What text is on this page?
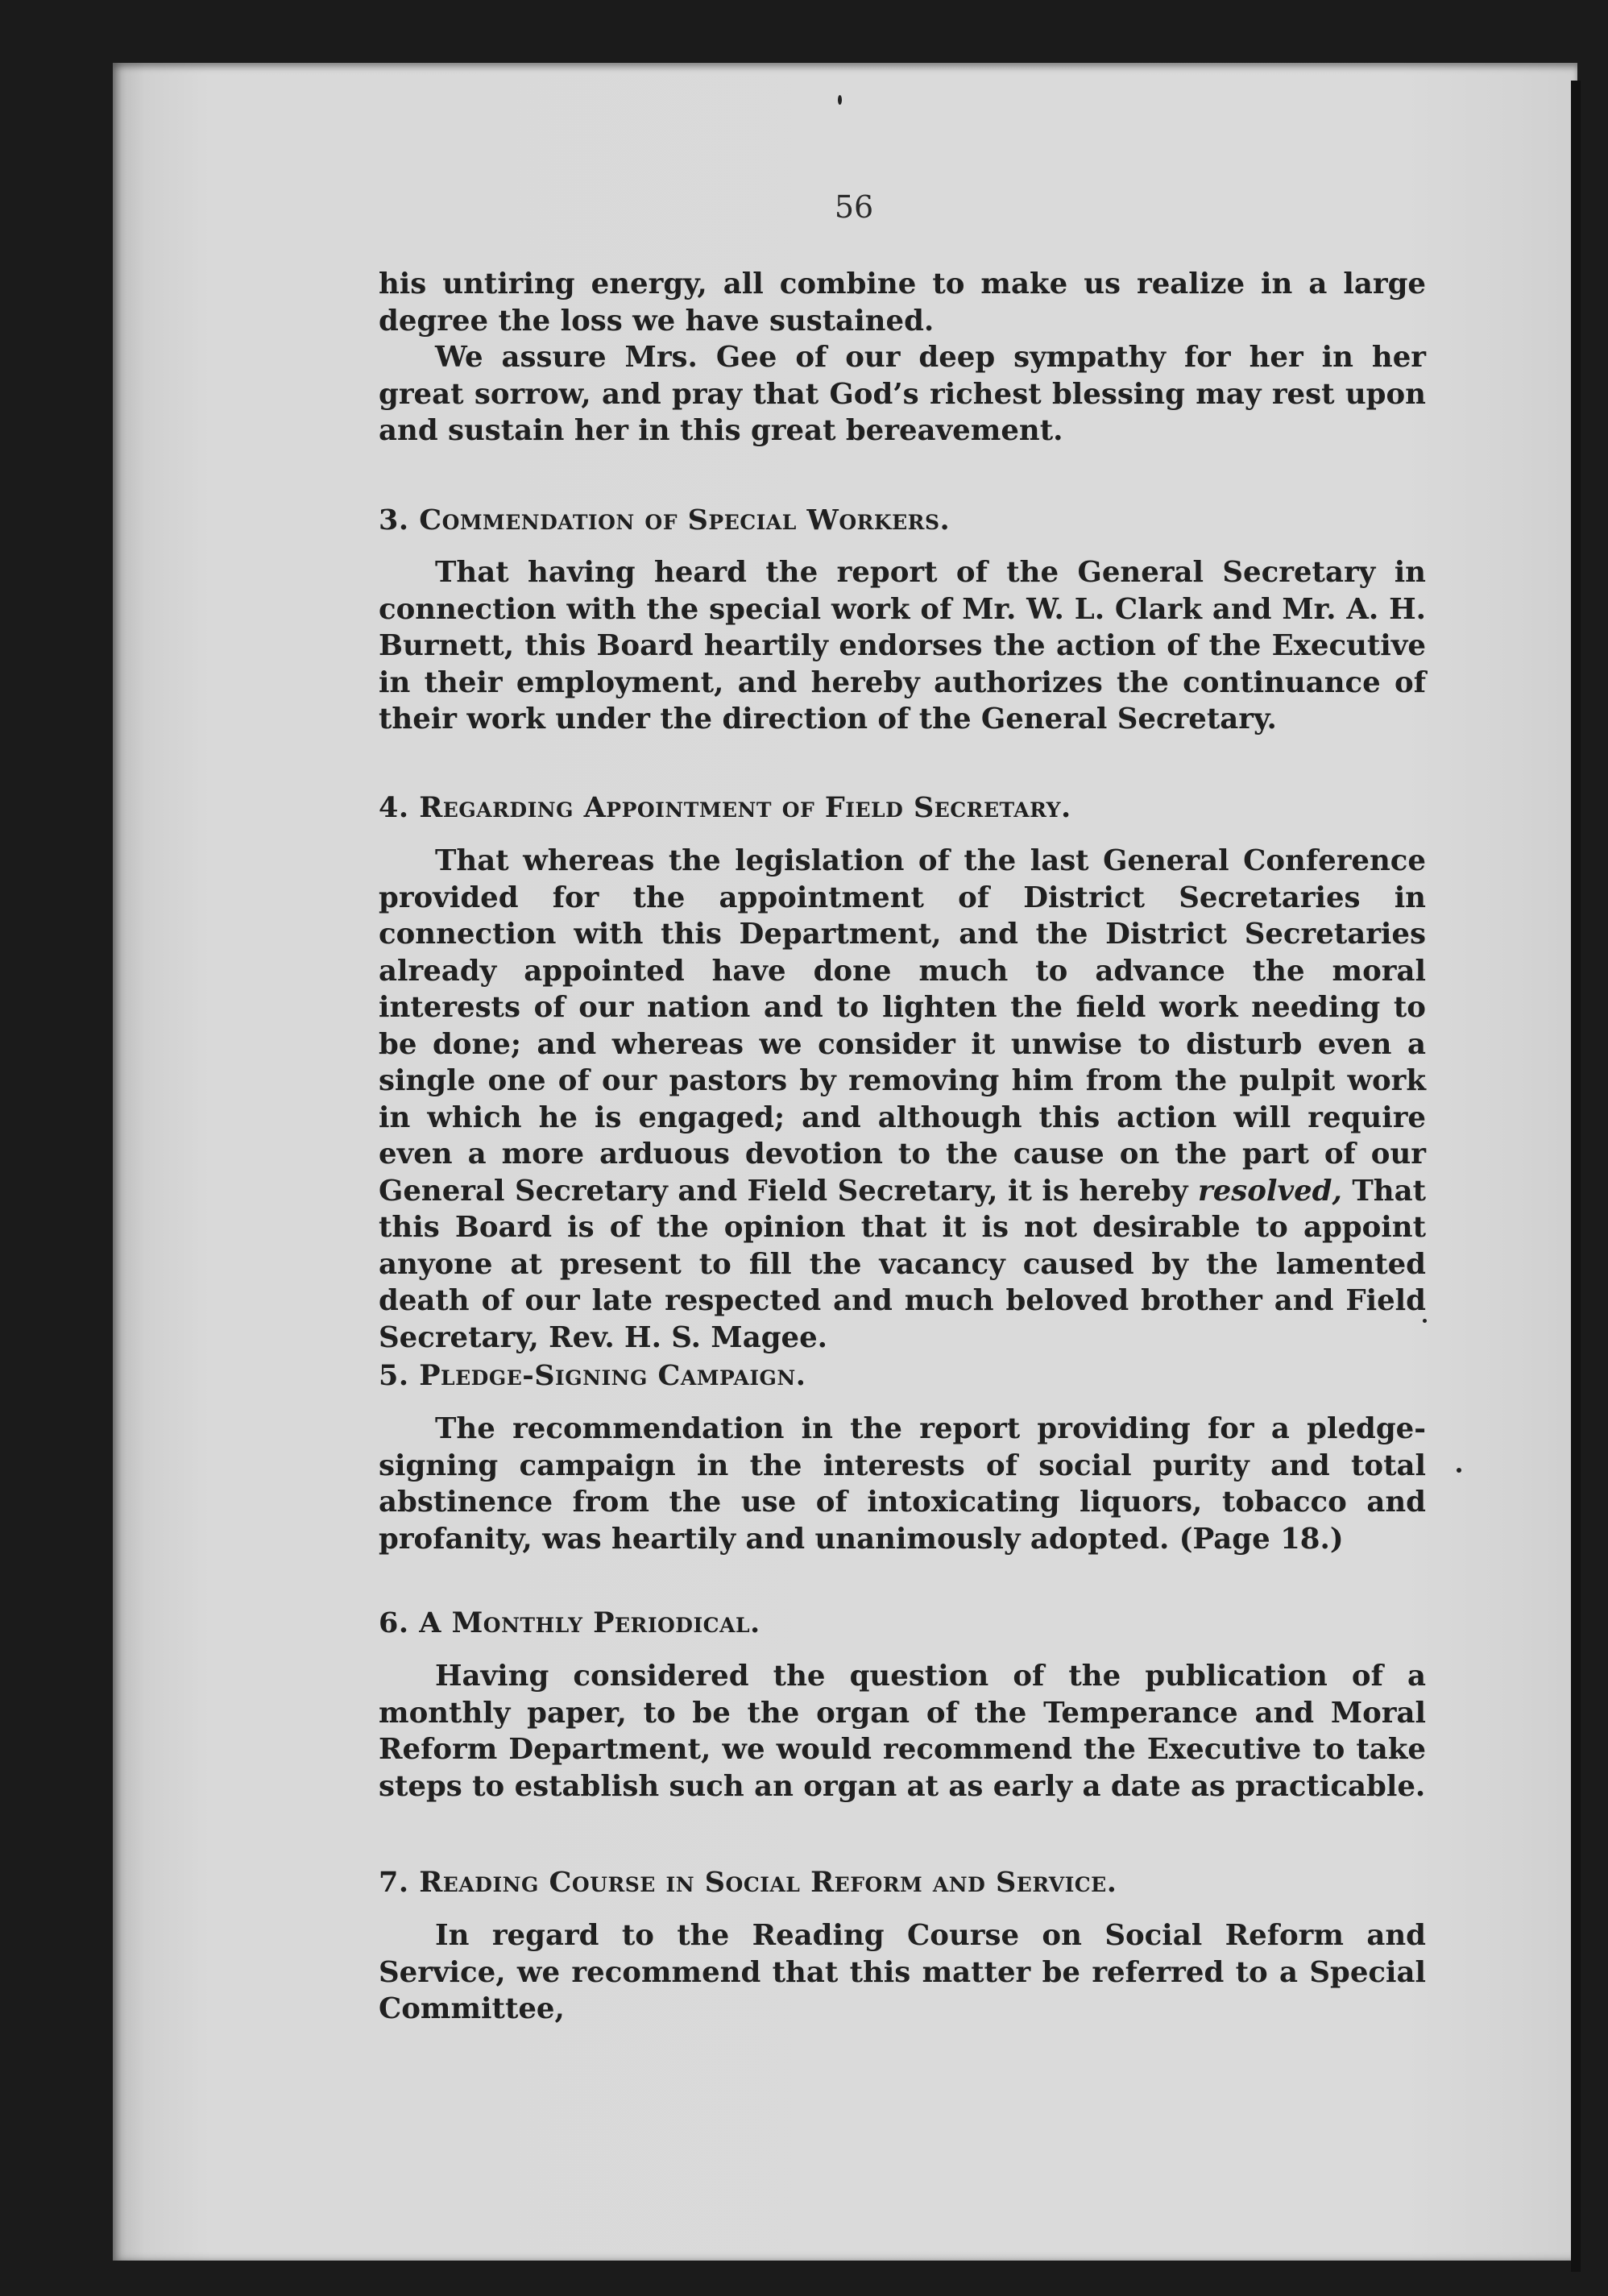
56

his untiring energy, all combine to make us realize in a large degree the loss we have sustained.

We assure Mrs. Gee of our deep sympathy for her in her great sorrow, and pray that God’s richest blessing may rest upon and sustain her in this great bereavement.

3. Commendation of Special Workers.

That having heard the report of the General Secretary in connection with the special work of Mr. W. L. Clark and Mr. A. H. Burnett, this Board heartily endorses the action of the Executive in their employment, and hereby authorizes the continuance of their work under the direction of the General Secretary.

4. Regarding Appointment of Field Secretary.

That whereas the legislation of the last General Conference provided for the appointment of District Secretaries in connection with this Department, and the District Secretaries already appointed have done much to advance the moral interests of our nation and to lighten the field work needing to be done; and whereas we consider it unwise to disturb even a single one of our pastors by removing him from the pulpit work in which he is engaged; and although this action will require even a more arduous devotion to the cause on the part of our General Secretary and Field Secretary, it is hereby resolved, That this Board is of the opinion that it is not desirable to appoint anyone at present to fill the vacancy caused by the lamented death of our late respected and much beloved brother and Field Secretary, Rev. H. S. Magee.

5. Pledge-Signing Campaign.

The recommendation in the report providing for a pledge-signing campaign in the interests of social purity and total abstinence from the use of intoxicating liquors, tobacco and profanity, was heartily and unanimously adopted. (Page 18.)

6. A Monthly Periodical.

Having considered the question of the publication of a monthly paper, to be the organ of the Temperance and Moral Reform Department, we would recommend the Executive to take steps to establish such an organ at as early a date as practicable.

7. Reading Course in Social Reform and Service.

In regard to the Reading Course on Social Reform and Service, we recommend that this matter be referred to a Special Committee,
